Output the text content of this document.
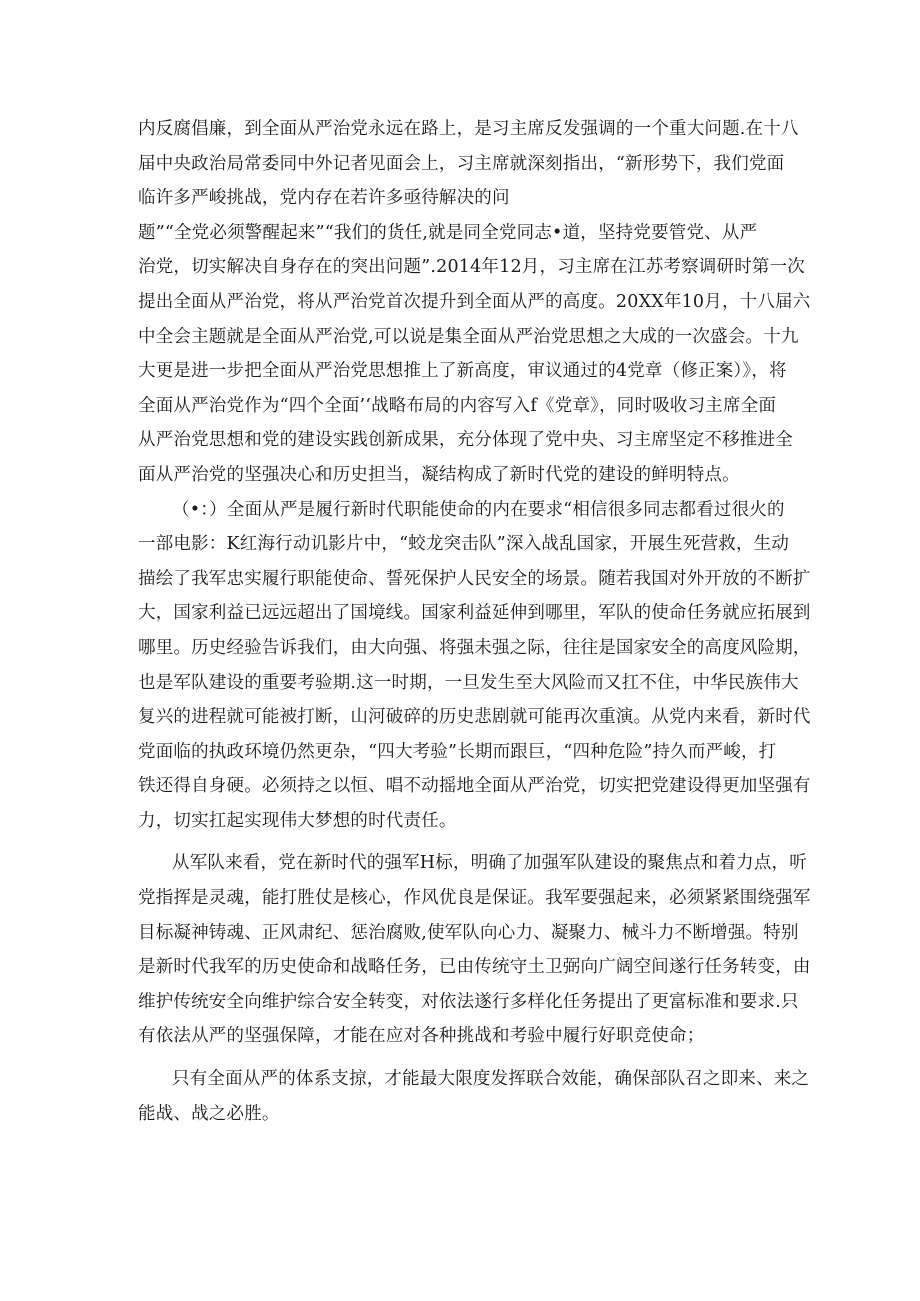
内反腐倡廉，到全面从严治党永远在路上，是习主席反发强调的一个重大问题.在十八
届中央政治局常委同中外记者见面会上，习主席就深刻指出，“新形势下，我们党面
临许多严峻挑战，党内存在若许多亟待解决的问
题”“全党必须警醒起来”“我们的货任,就是同全党同志•道，坚持党要管党、从严
治党，切实解决自身存在的突出问题”.2014年12月，习主席在江苏考察调研时第一次
提出全面从严治党，将从严治党首次提升到全面从严的高度。20XX年10月，十八届六
中全会主题就是全面从严治党,可以说是集全面从严治党思想之大成的一次盛会。十九
大更是进一步把全面从严治党思想推上了新高度，审议通过的4党章（修正案）》，将
全面从严治党作为“四个全面’‘战略布局的内容写入f《党章》，同时吸收习主席全面
从严治党思想和党的建设实践创新成果，充分体现了党中央、习主席坚定不移推进全
面从严治党的坚强决心和历史担当，凝结构成了新时代党的建设的鲜明特点。
（•：）全面从严是履行新时代职能使命的内在要求“相信很多同志都看过很火的
一部电影：K红海行动讥影片中，“蛟龙突击队”深入战乱国家，开展生死营救，生动
描绘了我军忠实履行职能使命、誓死保护人民安全的场景。随若我国对外开放的不断扩
大，国家利益已远远超出了国境线。国家利益延伸到哪里，军队的使命任务就应拓展到
哪里。历史经验告诉我们，由大向强、将强未强之际，往往是国家安全的高度风险期，
也是军队建设的重要考验期.这一时期，一旦发生至大风险而又扛不住，中华民族伟大
复兴的进程就可能被打断，山河破碎的历史悲剧就可能再次重演。从党内来看，新时代
党面临的执政环境仍然更杂，“四大考验”长期而跟巨，“四种危险”持久而严峻，打
铁还得自身硬。必须持之以恒、唱不动摇地全面从严治党，切实把党建设得更加坚强有
力，切实扛起实现伟大梦想的时代责任。
从军队来看，党在新时代的强军H标，明确了加强军队建设的聚焦点和着力点，听
党指挥是灵魂，能打胜仗是核心，作风优良是保证。我军要强起来，必须紧紧围绕强军
目标凝神铸魂、正风肃纪、惩治腐败,使军队向心力、凝聚力、械斗力不断增强。特别
是新时代我军的历史使命和战略任务，已由传统守土卫弼向广阔空间遂行任务转变，由
维护传统安全向维护综合安全转变，对依法遂行多样化任务提出了更富标准和要求.只
有依法从严的坚强保障，才能在应对各种挑战和考验中履行好职竞使命；
只有全面从严的体系支掠，才能最大限度发挥联合效能，确保部队召之即来、来之
能战、战之必胜。
